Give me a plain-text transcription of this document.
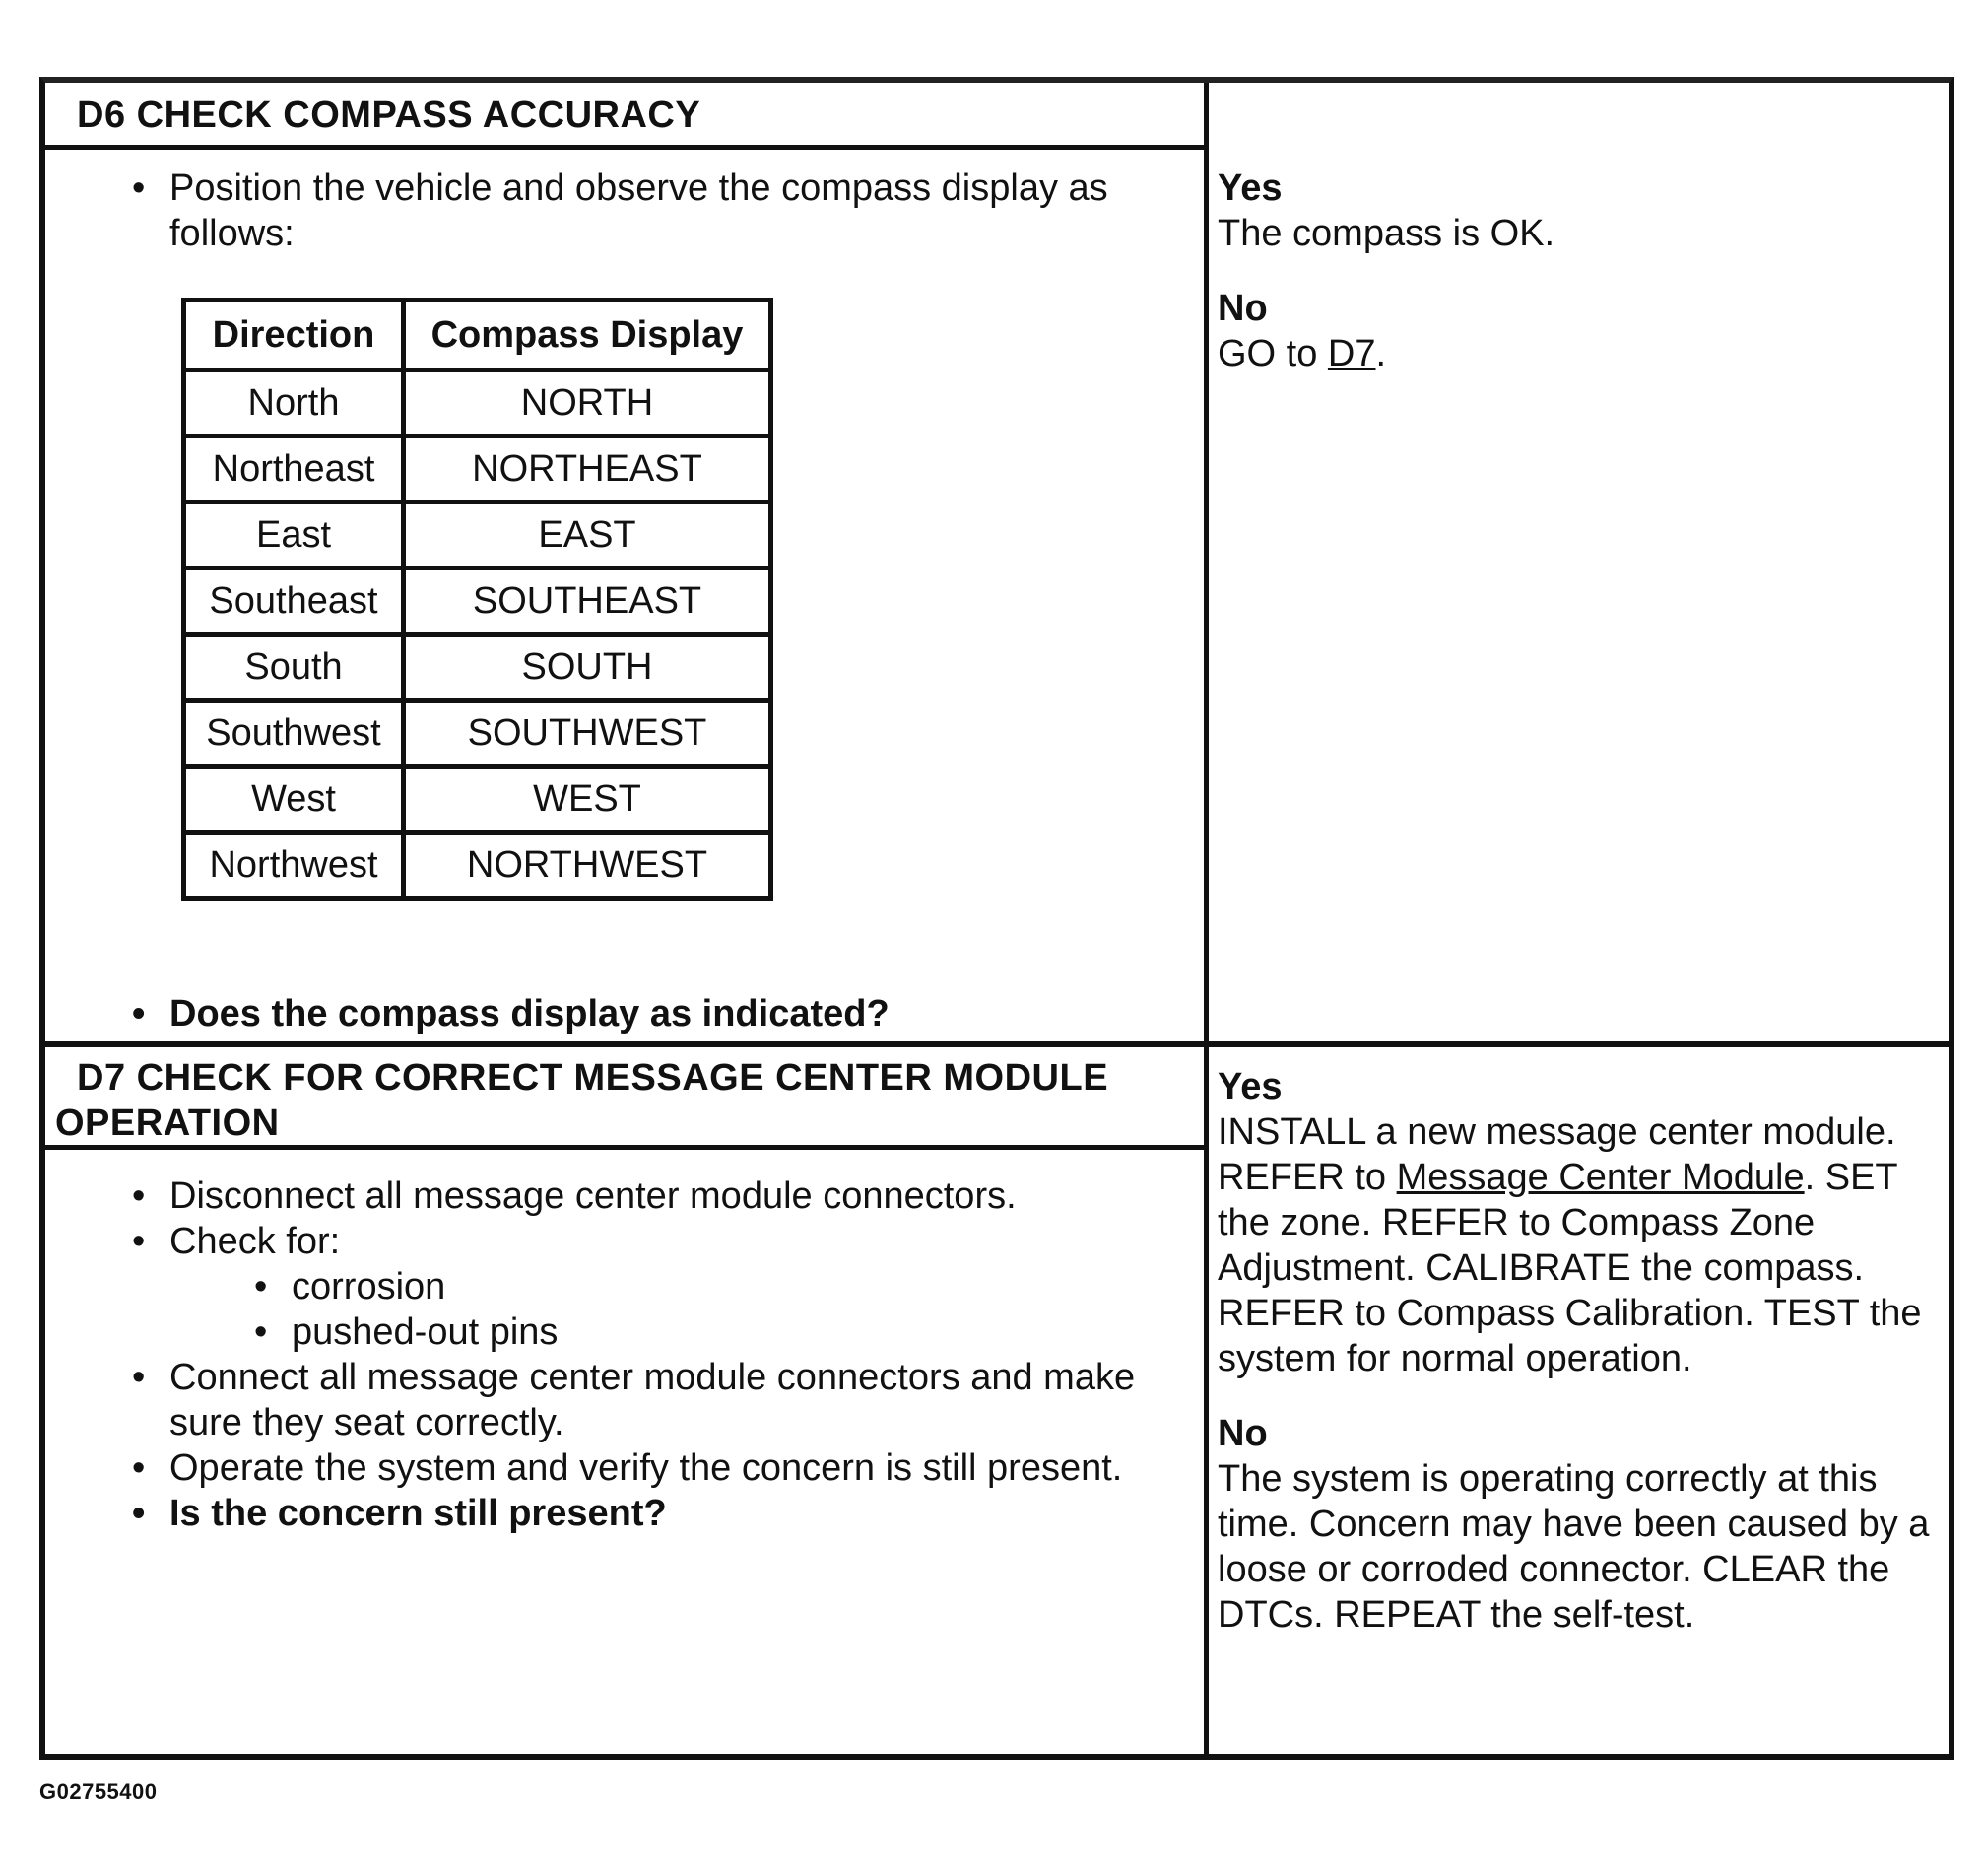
D6 CHECK COMPASS ACCURACY
• Position the vehicle and observe the compass display as follows:
Direction	Compass Display
North	NORTH
Northeast	NORTHEAST
East	EAST
Southeast	SOUTHEAST
South	SOUTH
Southwest	SOUTHWEST
West	WEST
Northwest	NORTHWEST
• Does the compass display as indicated?
Yes
The compass is OK.
No
GO to D7.
D7 CHECK FOR CORRECT MESSAGE CENTER MODULE OPERATION
• Disconnect all message center module connectors.
• Check for:
• corrosion
• pushed-out pins
• Connect all message center module connectors and make sure they seat correctly.
• Operate the system and verify the concern is still present.
• Is the concern still present?
Yes
INSTALL a new message center module. REFER to Message Center Module. SET the zone. REFER to Compass Zone Adjustment. CALIBRATE the compass. REFER to Compass Calibration. TEST the system for normal operation.
No
The system is operating correctly at this time. Concern may have been caused by a loose or corroded connector. CLEAR the DTCs. REPEAT the self-test.
G02755400
